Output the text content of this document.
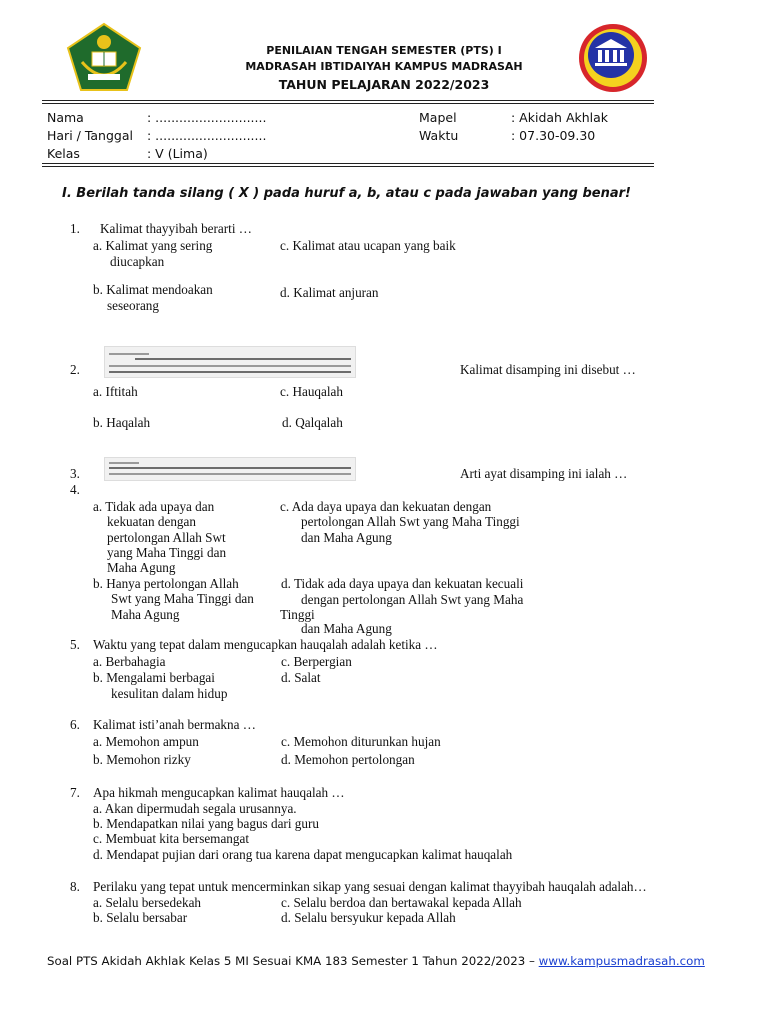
PENILAIAN TENGAH SEMESTER (PTS) I
MADRASAH IBTIDAIYAH KAMPUS MADRASAH
TAHUN PELAJARAN 2022/2023
Nama	: ............................
Hari / Tanggal : ............................
Kelas	: V (Lima)
Mapel	: Akidah Akhlak
Waktu	: 07.30-09.30
I. Berilah tanda silang ( X ) pada huruf a, b, atau c pada jawaban yang benar!
1. Kalimat thayyibah berarti …
a. Kalimat yang sering
diucapkan
c. Kalimat atau ucapan yang baik
b. Kalimat mendoakan
seseorang
d. Kalimat anjuran
2.	Kalimat disamping ini disebut …
a. Iftitah	c. Hauqalah
b. Haqalah	d. Qalqalah
3.
4.
Arti ayat disamping ini ialah …
a. Tidak ada upaya dan
kekuatan dengan
pertolongan Allah Swt
yang Maha Tinggi dan
Maha Agung
c. Ada daya upaya dan kekuatan dengan
pertolongan Allah Swt yang Maha Tinggi
dan Maha Agung
b. Hanya pertolongan Allah
Swt yang Maha Tinggi dan
Maha Agung
d. Tidak ada daya upaya dan kekuatan kecuali
dengan pertolongan Allah Swt yang Maha
Tinggi
dan Maha Agung
5. Waktu yang tepat dalam mengucapkan hauqalah adalah ketika …
a. Berbahagia	c. Berpergian
b. Mengalami berbagai
kesulitan dalam hidup
d. Salat
6. Kalimat isti’anah bermakna …
a. Memohon ampun	c. Memohon diturunkan hujan
b. Memohon rizky	d. Memohon pertolongan
7. Apa hikmah mengucapkan kalimat hauqalah …
a. Akan dipermudah segala urusannya.
b. Mendapatkan nilai yang bagus dari guru
c. Membuat kita bersemangat
d. Mendapat pujian dari orang tua karena dapat mengucapkan kalimat hauqalah
8. Perilaku yang tepat untuk mencerminkan sikap yang sesuai dengan kalimat thayyibah hauqalah adalah…
a. Selalu bersedekah	c. Selalu berdoa dan bertawakal kepada Allah
b. Selalu bersabar	d. Selalu bersyukur kepada Allah
Soal PTS Akidah Akhlak Kelas 5 MI Sesuai KMA 183 Semester 1 Tahun 2022/2023 – www.kampusmadrasah.com
